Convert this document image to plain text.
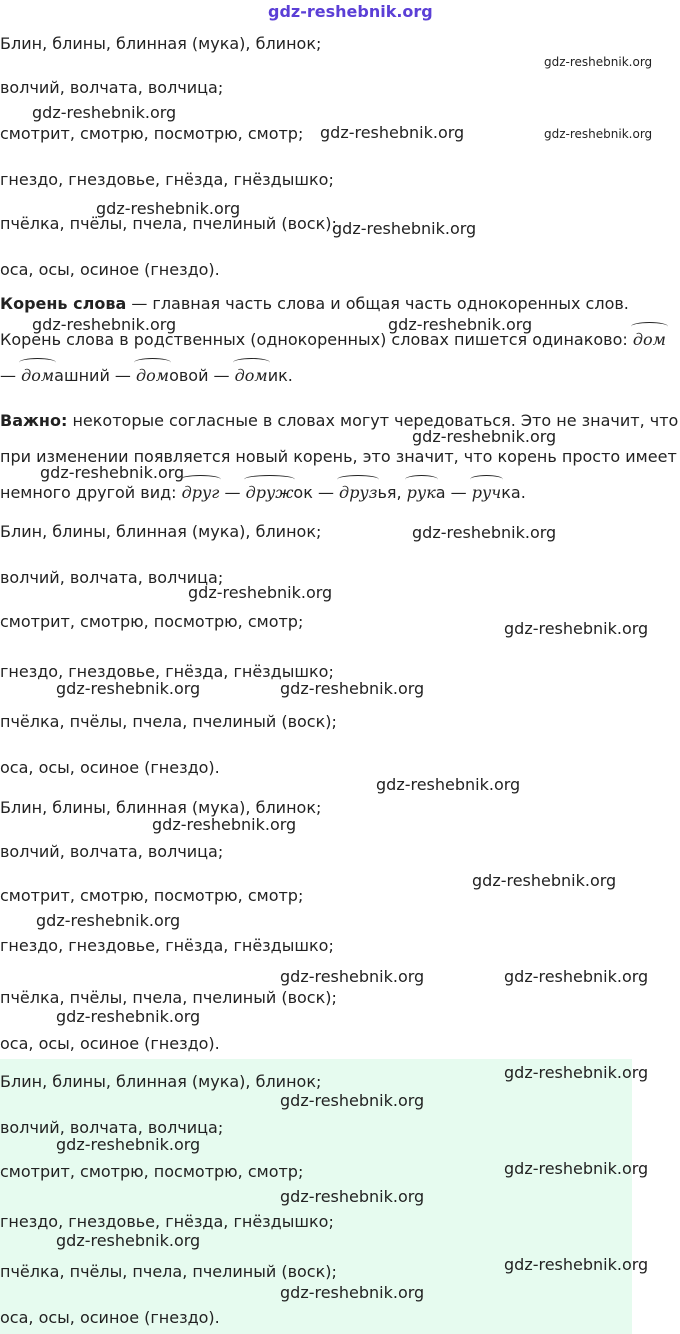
gdz-reshebnik.org
Блин, блины, блинная (мука), блинок;
волчий, волчата, волчица;
смотрит, смотрю, посмотрю, смотр;
гнездо, гнездовье, гнёзда, гнёздышко;
пчёлка, пчёлы, пчела, пчелиный (воск);
оса, осы, осиное (гнездо).
Корень слова — главная часть слова и общая часть однокоренных слов.
Корень слова в родственных (однокоренных) словах пишется одинаково: дом
— домашний — домовой — домик.
Важно: некоторые согласные в словах могут чередоваться. Это не значит, что
при изменении появляется новый корень, это значит, что корень просто имеет
немного другой вид: друг — дружок — друзья, рука — ручка.
Блин, блины, блинная (мука), блинок;
волчий, волчата, волчица;
смотрит, смотрю, посмотрю, смотр;
гнездо, гнездовье, гнёзда, гнёздышко;
пчёлка, пчёлы, пчела, пчелиный (воск);
оса, осы, осиное (гнездо).
Блин, блины, блинная (мука), блинок;
волчий, волчата, волчица;
смотрит, смотрю, посмотрю, смотр;
гнездо, гнездовье, гнёзда, гнёздышко;
пчёлка, пчёлы, пчела, пчелиный (воск);
оса, осы, осиное (гнездо).
Блин, блины, блинная (мука), блинок;
волчий, волчата, волчица;
смотрит, смотрю, посмотрю, смотр;
гнездо, гнездовье, гнёзда, гнёздышко;
пчёлка, пчёлы, пчела, пчелиный (воск);
оса, осы, осиное (гнездо).
gdz-reshebnik.org
gdz-reshebnik.org
gdz-reshebnik.org	gdz-reshebnik.org
gdz-reshebnik.org
gdz-reshebnik.org
gdz-reshebnik.org	gdz-reshebnik.org
gdz-reshebnik.org
gdz-reshebnik.org
gdz-reshebnik.org
gdz-reshebnik.org
gdz-reshebnik.org
gdz-reshebnik.org	gdz-reshebnik.org
gdz-reshebnik.org
gdz-reshebnik.org
gdz-reshebnik.org
gdz-reshebnik.org
gdz-reshebnik.org	gdz-reshebnik.org
gdz-reshebnik.org
gdz-reshebnik.org
gdz-reshebnik.org
gdz-reshebnik.org
gdz-reshebnik.org
gdz-reshebnik.org
gdz-reshebnik.org
gdz-reshebnik.org
gdz-reshebnik.org
